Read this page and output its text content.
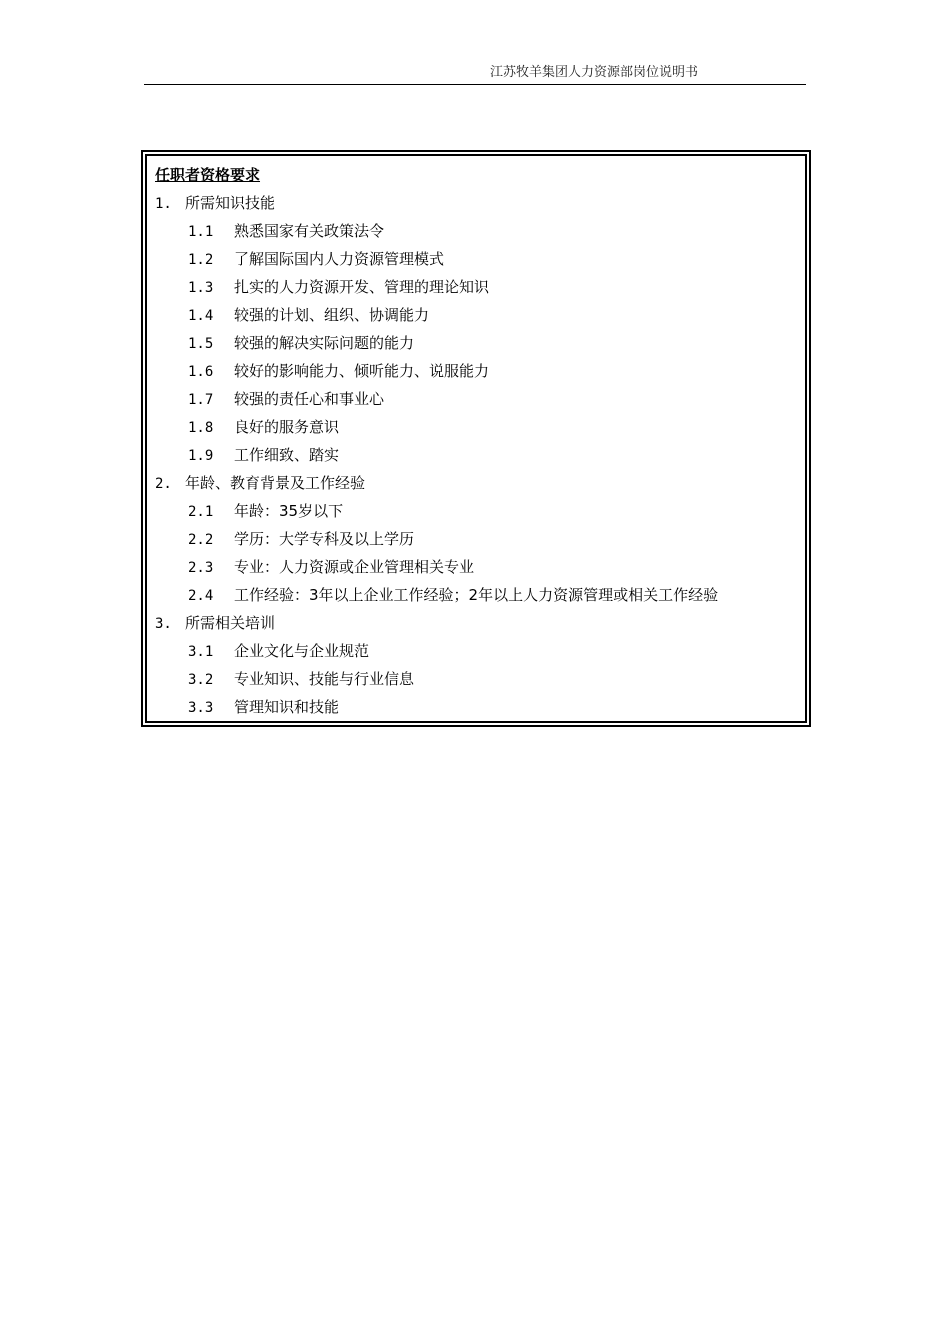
江苏牧羊集团人力资源部岗位说明书
任职者资格要求
1. 所需知识技能
1.1 熟悉国家有关政策法令
1.2 了解国际国内人力资源管理模式
1.3 扎实的人力资源开发、管理的理论知识
1.4 较强的计划、组织、协调能力
1.5 较强的解决实际问题的能力
1.6 较好的影响能力、倾听能力、说服能力
1.7 较强的责任心和事业心
1.8 良好的服务意识
1.9 工作细致、踏实
2. 年龄、教育背景及工作经验
2.1 年龄：35岁以下
2.2 学历：大学专科及以上学历
2.3 专业：人力资源或企业管理相关专业
2.4 工作经验：3年以上企业工作经验；2年以上人力资源管理或相关工作经验
3. 所需相关培训
3.1 企业文化与企业规范
3.2 专业知识、技能与行业信息
3.3 管理知识和技能
